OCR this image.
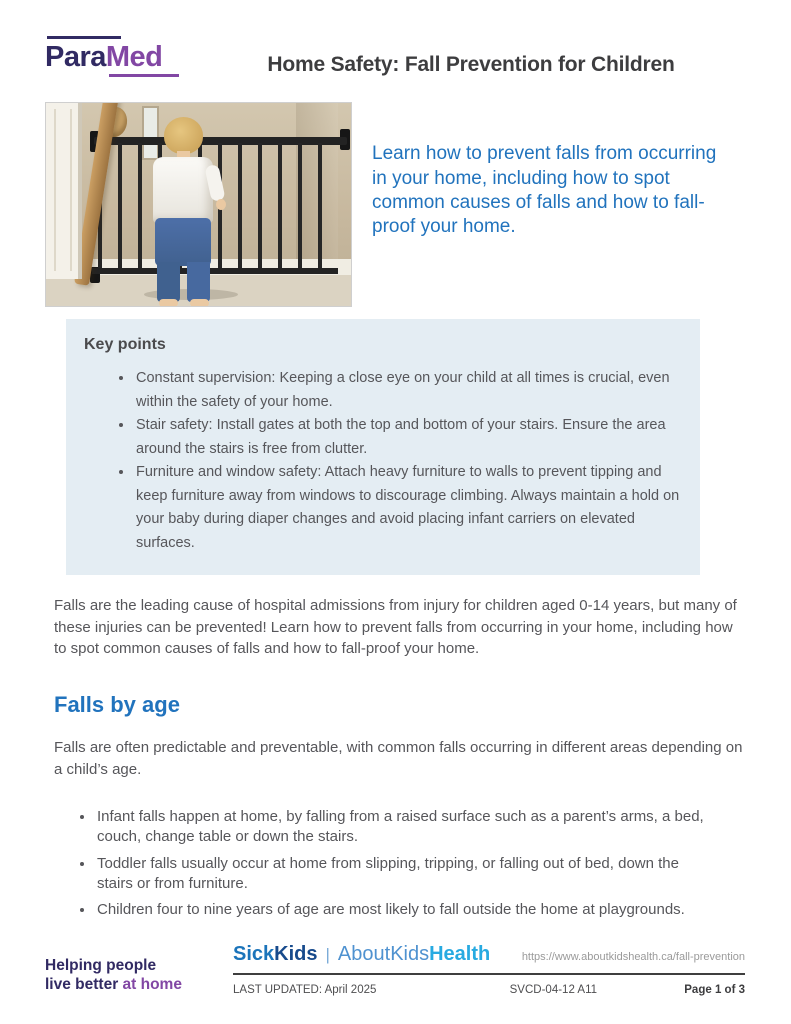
ParaMed	Home Safety: Fall Prevention for Children

Learn how to prevent falls from occurring in your home, including how to spot common causes of falls and how to fall-proof your home.

Key points
• Constant supervision: Keeping a close eye on your child at all times is crucial, even within the safety of your home.
• Stair safety: Install gates at both the top and bottom of your stairs. Ensure the area around the stairs is free from clutter.
• Furniture and window safety: Attach heavy furniture to walls to prevent tipping and keep furniture away from windows to discourage climbing. Always maintain a hold on your baby during diaper changes and avoid placing infant carriers on elevated surfaces.

Falls are the leading cause of hospital admissions from injury for children aged 0-14 years, but many of these injuries can be prevented! Learn how to prevent falls from occurring in your home, including how to spot common causes of falls and how to fall-proof your home.

Falls by age

Falls are often predictable and preventable, with common falls occurring in different areas depending on a child’s age.

• Infant falls happen at home, by falling from a raised surface such as a parent’s arms, a bed, couch, change table or down the stairs.
• Toddler falls usually occur at home from slipping, tripping, or falling out of bed, down the stairs or from furniture.
• Children four to nine years of age are most likely to fall outside the home at playgrounds.
Helping people
live better at home
SickKids | AboutKidsHealth	https://www.aboutkidshealth.ca/fall-prevention
LAST UPDATED: April 2025	SVCD-04-12 A11	Page 1 of 3
